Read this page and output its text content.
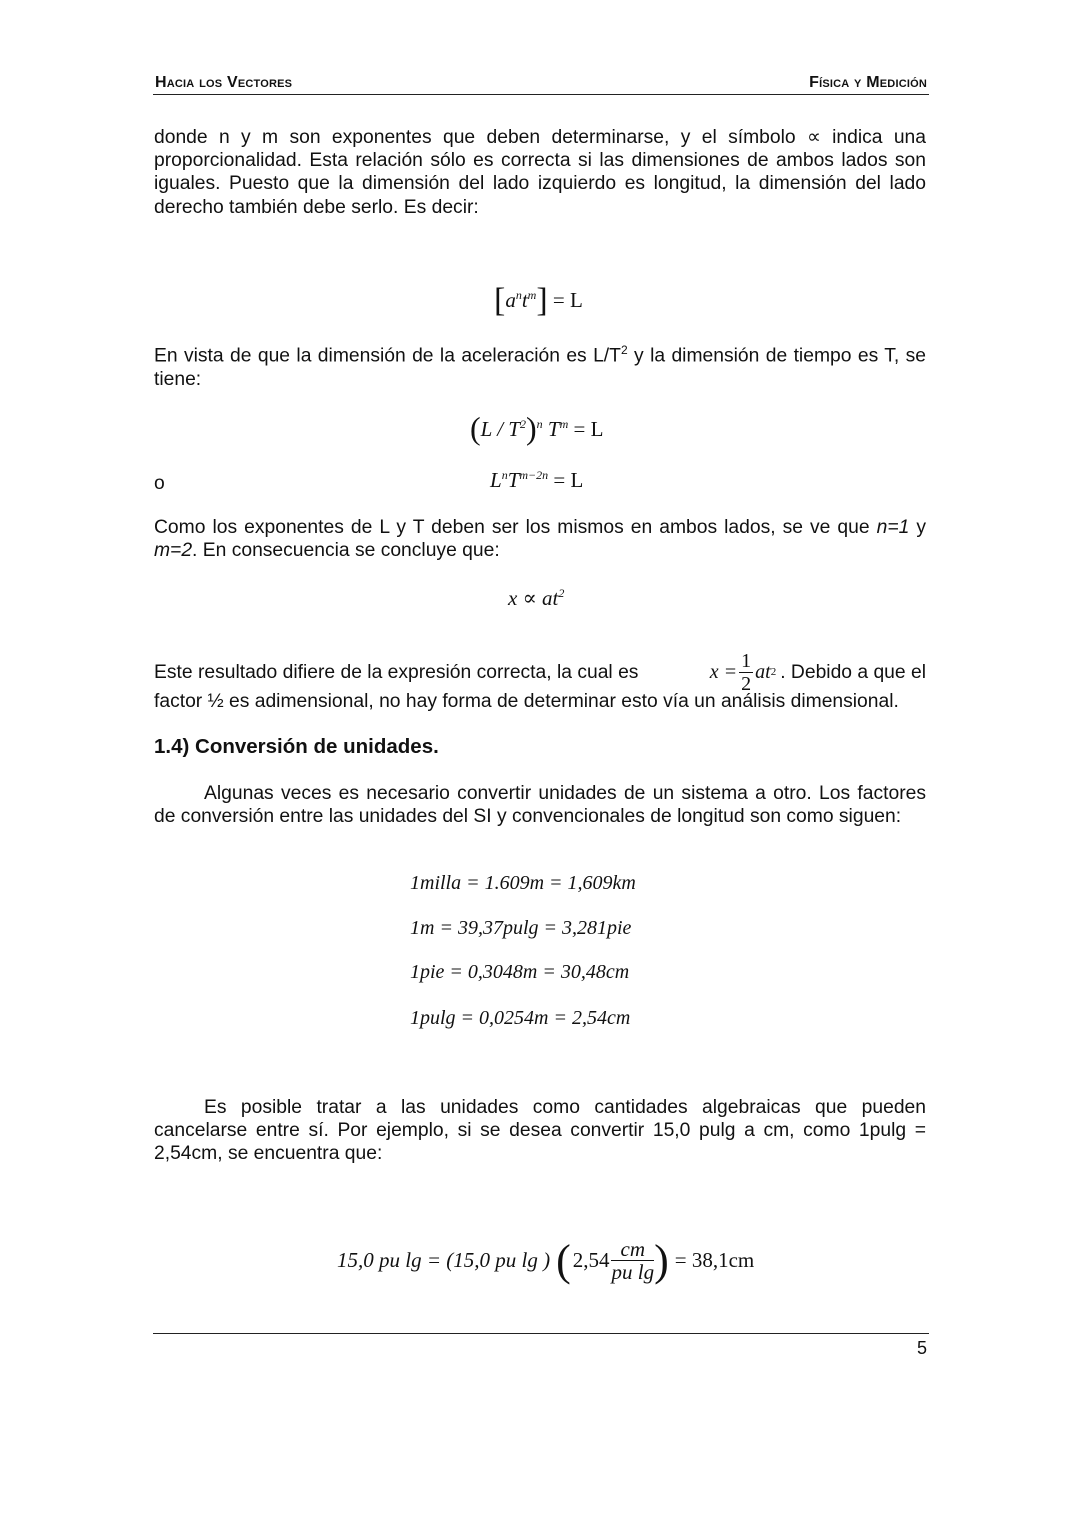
Hacia los Vectores	Física y Medición

donde n y m son exponentes que deben determinarse, y el símbolo ∝ indica una proporcionalidad. Esta relación sólo es correcta si las dimensiones de ambos lados son iguales. Puesto que la dimensión del lado izquierdo es longitud, la dimensión del lado derecho también debe serlo. Es decir:

$[a^nt^m] = L$

En vista de que la dimensión de la aceleración es $L/T^2$ y la dimensión de tiempo es T, se tiene:

$(L / T^2)^n$ $T^m = L$
o	$L^nT^{m-2n} = L$

Como los exponentes de L y T deben ser los mismos en ambos lados, se ve que n=1 y m=2. En consecuencia se concluye que:

$x \propto at^2$
Este resultado difiere de la expresión correcta, la cual es	$x = \frac{1}{2}$ at 2 . Debido a que el

factor ½ es adimensional, no hay forma de determinar esto vía un análisis dimensional.

1.4) Conversión de unidades.

Algunas veces es necesario convertir unidades de un sistema a otro. Los factores de conversión entre las unidades del SI y convencionales de longitud son como siguen:

1milla = 1.609m = 1,609km
1m = 39,37pulg = 3,281pie
1pie = 0,3048m = 30,48cm
1pulg = 0,0254m = 2,54cm

Es posible tratar a las unidades como cantidades algebraicas que pueden cancelarse entre sí. Por ejemplo, si se desea convertir 15,0 pulg a cm, como 1pulg = 2,54cm, se encuentra que:

15,0 pu lg = (15,0 pu lg ) ( $2,54 \frac{cm}{\text{pu lg}}$ ) = 38,1cm
5
